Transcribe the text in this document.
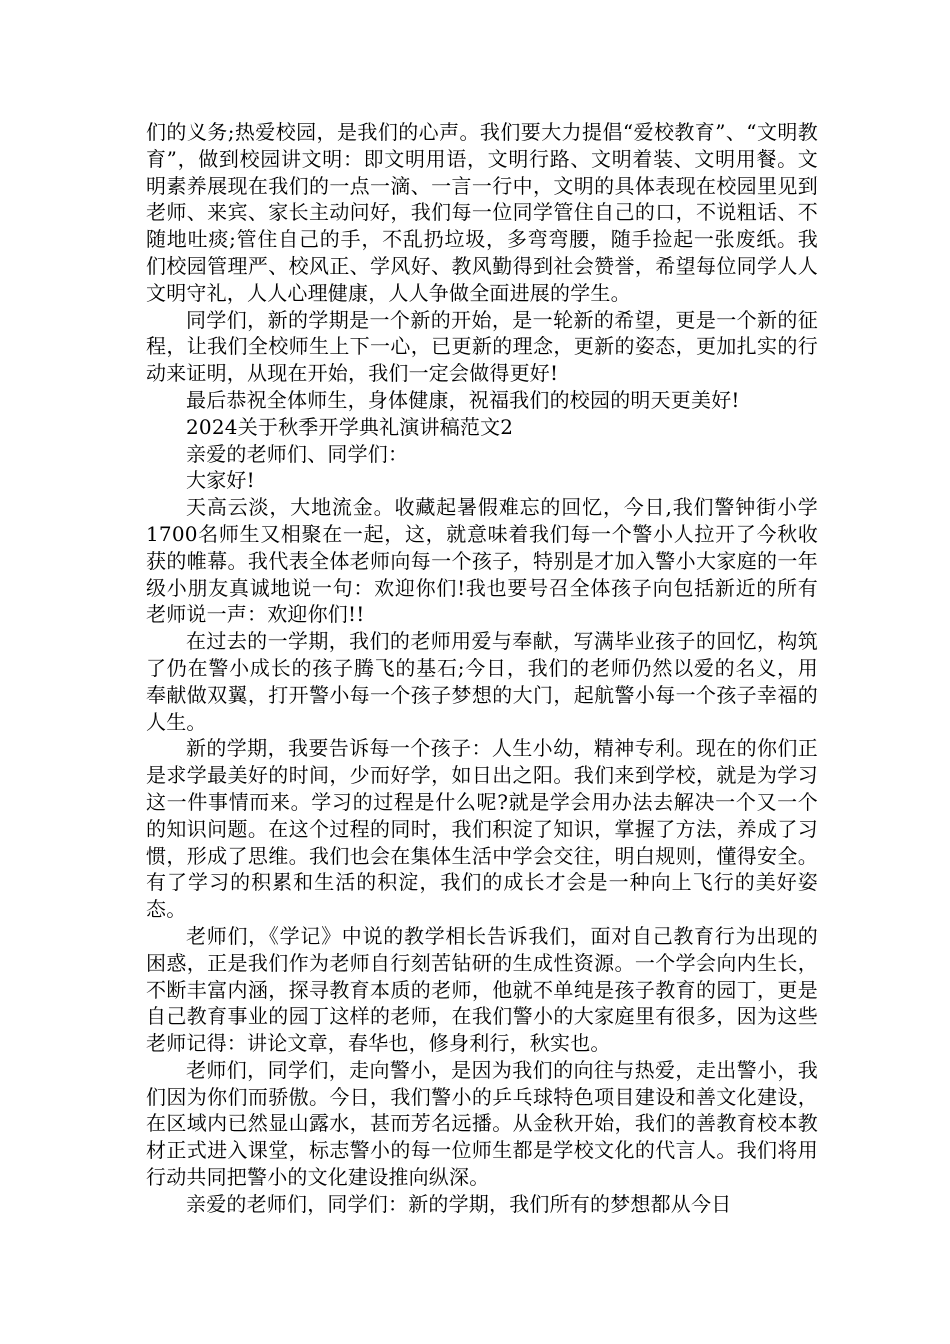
们的义务;热爱校园，是我们的心声。我们要大力提倡“爱校教育”、“文明教育”，做到校园讲文明：即文明用语，文明行路、文明着装、文明用餐。文明素养展现在我们的一点一滴、一言一行中，文明的具体表现在校园里见到老师、来宾、家长主动问好，我们每一位同学管住自己的口，不说粗话、不随地吐痰;管住自己的手，不乱扔垃圾，多弯弯腰，随手捡起一张废纸。我们校园管理严、校风正、学风好、教风勤得到社会赞誉，希望每位同学人人文明守礼，人人心理健康，人人争做全面进展的学生。

同学们，新的学期是一个新的开始，是一轮新的希望，更是一个新的征程，让我们全校师生上下一心，已更新的理念，更新的姿态，更加扎实的行动来证明，从现在开始，我们一定会做得更好!

最后恭祝全体师生，身体健康，祝福我们的校园的明天更美好!

2024关于秋季开学典礼演讲稿范文2

亲爱的老师们、同学们：

大家好!

天高云淡，大地流金。收藏起暑假难忘的回忆，今日,我们警钟街小学1700名师生又相聚在一起，这，就意味着我们每一个警小人拉开了今秋收获的帷幕。我代表全体老师向每一个孩子，特别是才加入警小大家庭的一年级小朋友真诚地说一句：欢迎你们!我也要号召全体孩子向包括新近的所有老师说一声：欢迎你们!!

在过去的一学期，我们的老师用爱与奉献，写满毕业孩子的回忆，构筑了仍在警小成长的孩子腾飞的基石;今日，我们的老师仍然以爱的名义，用奉献做双翼，打开警小每一个孩子梦想的大门，起航警小每一个孩子幸福的人生。

新的学期，我要告诉每一个孩子：人生小幼，精神专利。现在的你们正是求学最美好的时间，少而好学，如日出之阳。我们来到学校，就是为学习这一件事情而来。学习的过程是什么呢?就是学会用办法去解决一个又一个的知识问题。在这个过程的同时，我们积淀了知识，掌握了方法，养成了习惯，形成了思维。我们也会在集体生活中学会交往，明白规则，懂得安全。有了学习的积累和生活的积淀，我们的成长才会是一种向上飞行的美好姿态。

老师们，《学记》中说的教学相长告诉我们，面对自己教育行为出现的困惑，正是我们作为老师自行刻苦钻研的生成性资源。一个学会向内生长，不断丰富内涵，探寻教育本质的老师，他就不单纯是孩子教育的园丁，更是自己教育事业的园丁这样的老师，在我们警小的大家庭里有很多，因为这些老师记得：讲论文章，春华也，修身利行，秋实也。

老师们，同学们，走向警小，是因为我们的向往与热爱，走出警小，我们因为你们而骄傲。今日，我们警小的乒乓球特色项目建设和善文化建设，在区域内已然显山露水，甚而芳名远播。从金秋开始，我们的善教育校本教材正式进入课堂，标志警小的每一位师生都是学校文化的代言人。我们将用行动共同把警小的文化建设推向纵深。

亲爱的老师们，同学们：新的学期，我们所有的梦想都从今日
